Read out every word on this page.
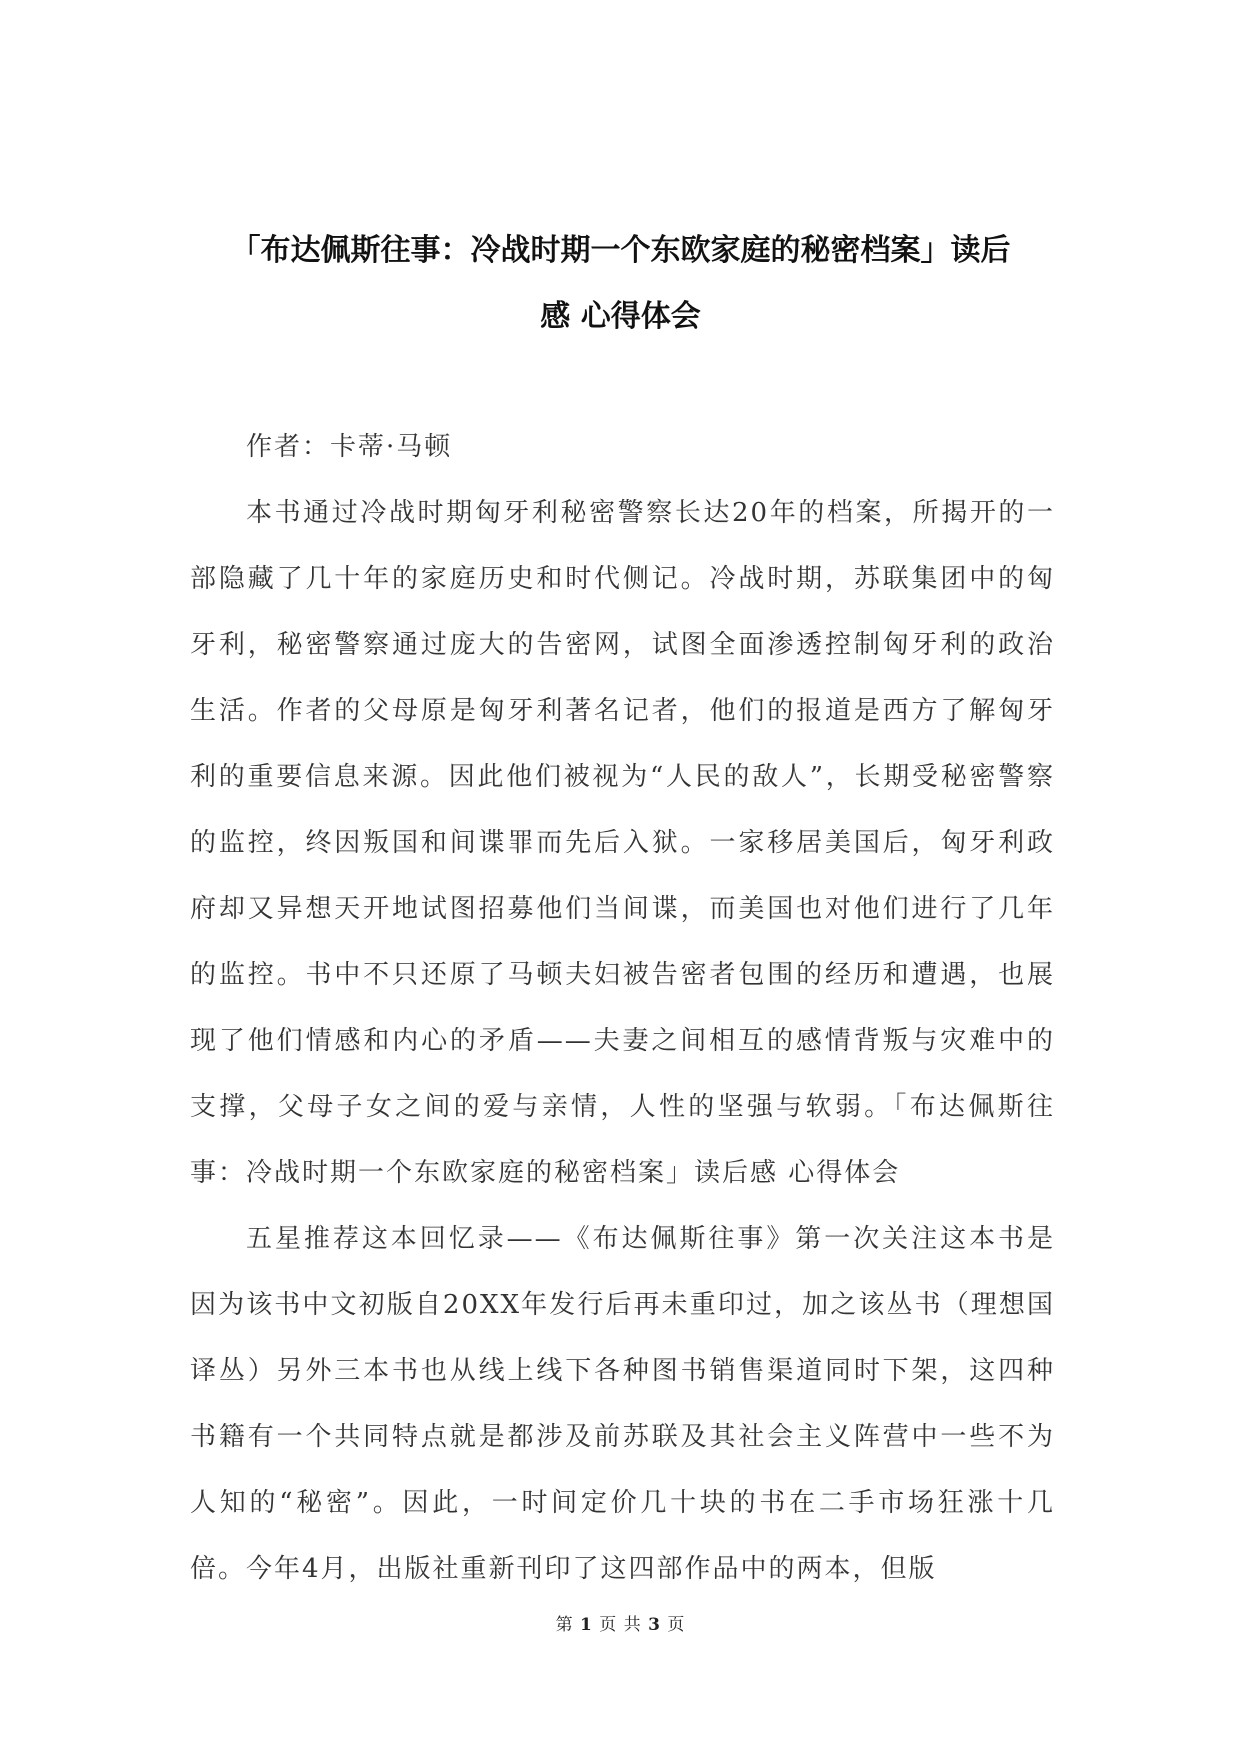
「布达佩斯往事：冷战时期一个东欧家庭的秘密档案」读后
感 心得体会

作者：卡蒂·马顿

本书通过冷战时期匈牙利秘密警察长达20年的档案，所揭开的一部隐藏了几十年的家庭历史和时代侧记。冷战时期，苏联集团中的匈牙利，秘密警察通过庞大的告密网，试图全面渗透控制匈牙利的政治生活。作者的父母原是匈牙利著名记者，他们的报道是西方了解匈牙利的重要信息来源。因此他们被视为“人民的敌人”，长期受秘密警察的监控，终因叛国和间谍罪而先后入狱。一家移居美国后，匈牙利政府却又异想天开地试图招募他们当间谍，而美国也对他们进行了几年的监控。书中不只还原了马顿夫妇被告密者包围的经历和遭遇，也展现了他们情感和内心的矛盾——夫妻之间相互的感情背叛与灾难中的支撑，父母子女之间的爱与亲情，人性的坚强与软弱。「布达佩斯往事：冷战时期一个东欧家庭的秘密档案」读后感 心得体会

五星推荐这本回忆录——《布达佩斯往事》第一次关注这本书是因为该书中文初版自20XX年发行后再未重印过，加之该丛书（理想国译丛）另外三本书也从线上线下各种图书销售渠道同时下架，这四种书籍有一个共同特点就是都涉及前苏联及其社会主义阵营中一些不为人知的“秘密”。因此，一时间定价几十块的书在二手市场狂涨十几倍。今年4月，出版社重新刊印了这四部作品中的两本，但版

第 1 页 共 3 页
